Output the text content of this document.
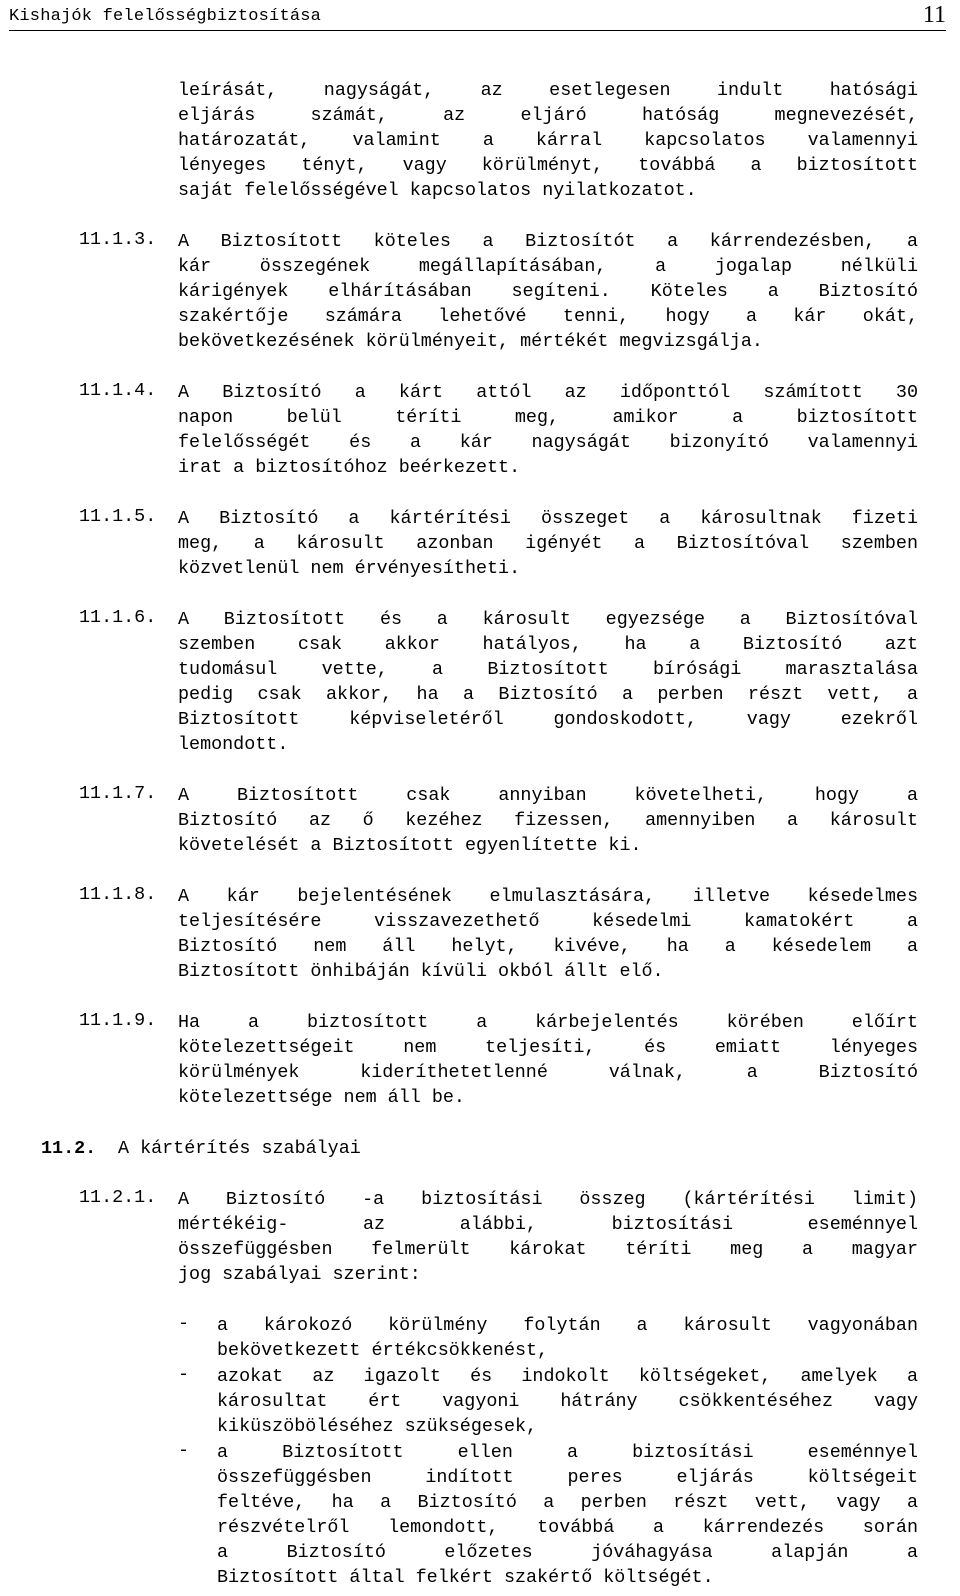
Kishajók felelősségbiztosítása	11
leírását, nagyságát, az esetlegesen indult hatósági
eljárás számát, az eljáró hatóság megnevezését,
határozatát, valamint a kárral kapcsolatos valamennyi
lényeges tényt, vagy körülményt, továbbá a biztosított
saját felelősségével kapcsolatos nyilatkozatot.
11.1.3. A Biztosított köteles a Biztosítót a kárrendezésben, a
kár összegének megállapításában, a jogalap nélküli
kárigények elhárításában segíteni. Köteles a Biztosító
szakértője számára lehetővé tenni, hogy a kár okát,
bekövetkezésének körülményeit, mértékét megvizsgálja.
11.1.4. A Biztosító a kárt attól az időponttól számított 30
napon belül téríti meg, amikor a biztosított
felelősségét és a kár nagyságát bizonyító valamennyi
irat a biztosítóhoz beérkezett.
11.1.5. A Biztosító a kártérítési összeget a károsultnak fizeti
meg, a károsult azonban igényét a Biztosítóval szemben
közvetlenül nem érvényesítheti.
11.1.6. A Biztosított és a károsult egyezsége a Biztosítóval
szemben csak akkor hatályos, ha a Biztosító azt
tudomásul vette, a Biztosított bírósági marasztalása
pedig csak akkor, ha a Biztosító a perben részt vett, a
Biztosított képviseletéről gondoskodott, vagy ezekről
lemondott.
11.1.7. A Biztosított csak annyiban követelheti, hogy a
Biztosító az ő kezéhez fizessen, amennyiben a károsult
követelését a Biztosított egyenlítette ki.
11.1.8. A kár bejelentésének elmulasztására, illetve késedelmes
teljesítésére visszavezethető késedelmi kamatokért a
Biztosító nem áll helyt, kivéve, ha a késedelem a
Biztosított önhibáján kívüli okból állt elő.
11.1.9. Ha a biztosított a kárbejelentés körében előírt
kötelezettségeit nem teljesíti, és emiatt lényeges
körülmények kideríthetetlenné válnak, a Biztosító
kötelezettsége nem áll be.
11.2. A kártérítés szabályai
11.2.1. A Biztosító -a biztosítási összeg (kártérítési limit)
mértékéig- az alábbi, biztosítási eseménnyel
összefüggésben felmerült károkat téríti meg a magyar
jog szabályai szerint:
- a károkozó körülmény folytán a károsult vagyonában
bekövetkezett értékcsökkenést,
- azokat az igazolt és indokolt költségeket, amelyek a
károsultat ért vagyoni hátrány csökkentéséhez vagy
kiküszöböléséhez szükségesek,
- a Biztosított ellen a biztosítási eseménnyel
összefüggésben indított peres eljárás költségeit
feltéve, ha a Biztosító a perben részt vett, vagy a
részvételről lemondott, továbbá a kárrendezés során
a Biztosító előzetes jóváhagyása alapján a
Biztosított által felkért szakértő költségét.
